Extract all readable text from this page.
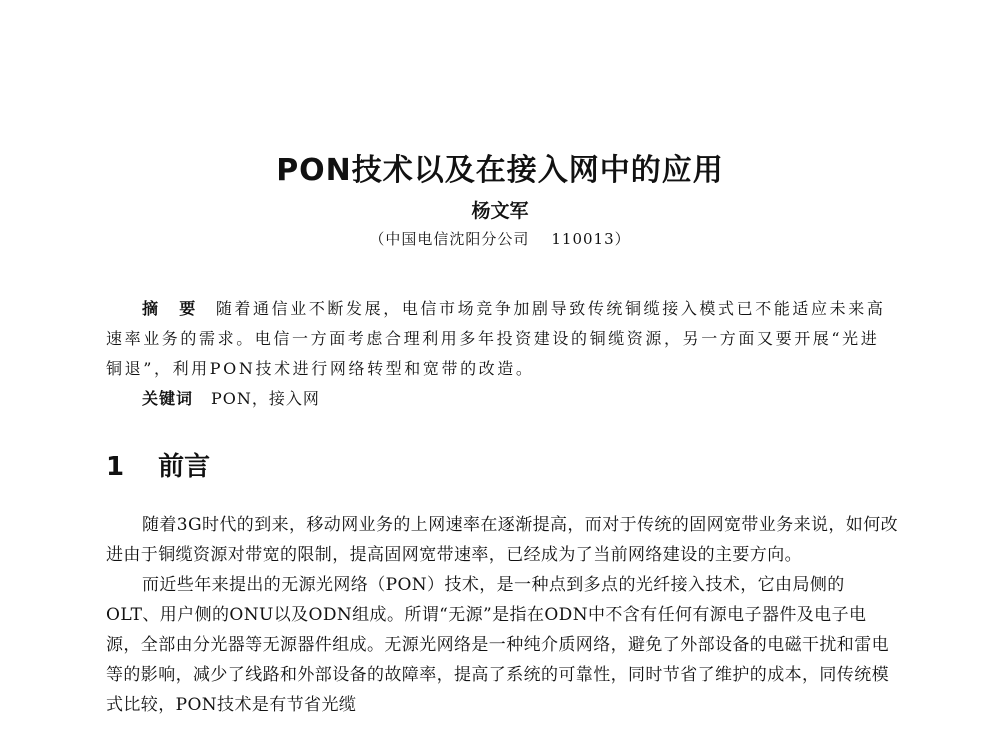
PON技术以及在接入网中的应用
杨文军
（中国电信沈阳分公司 110013）

摘　要 随着通信业不断发展，电信市场竞争加剧导致传统铜缆接入模式已不能适应未来高速率业务的需求。电信一方面考虑合理利用多年投资建设的铜缆资源，另一方面又要开展“光进铜退”，利用PON技术进行网络转型和宽带的改造。

关键词 PON，接入网

1 前言

随着3G时代的到来，移动网业务的上网速率在逐渐提高，而对于传统的固网宽带业务来说，如何改进由于铜缆资源对带宽的限制，提高固网宽带速率，已经成为了当前网络建设的主要方向。

而近些年来提出的无源光网络（PON）技术，是一种点到多点的光纤接入技术，它由局侧的OLT、用户侧的ONU以及ODN组成。所谓“无源”是指在ODN中不含有任何有源电子器件及电子电源，全部由分光器等无源器件组成。无源光网络是一种纯介质网络，避免了外部设备的电磁干扰和雷电等的影响，减少了线路和外部设备的故障率，提高了系统的可靠性，同时节省了维护的成本，同传统模式比较，PON技术是有节省光缆
